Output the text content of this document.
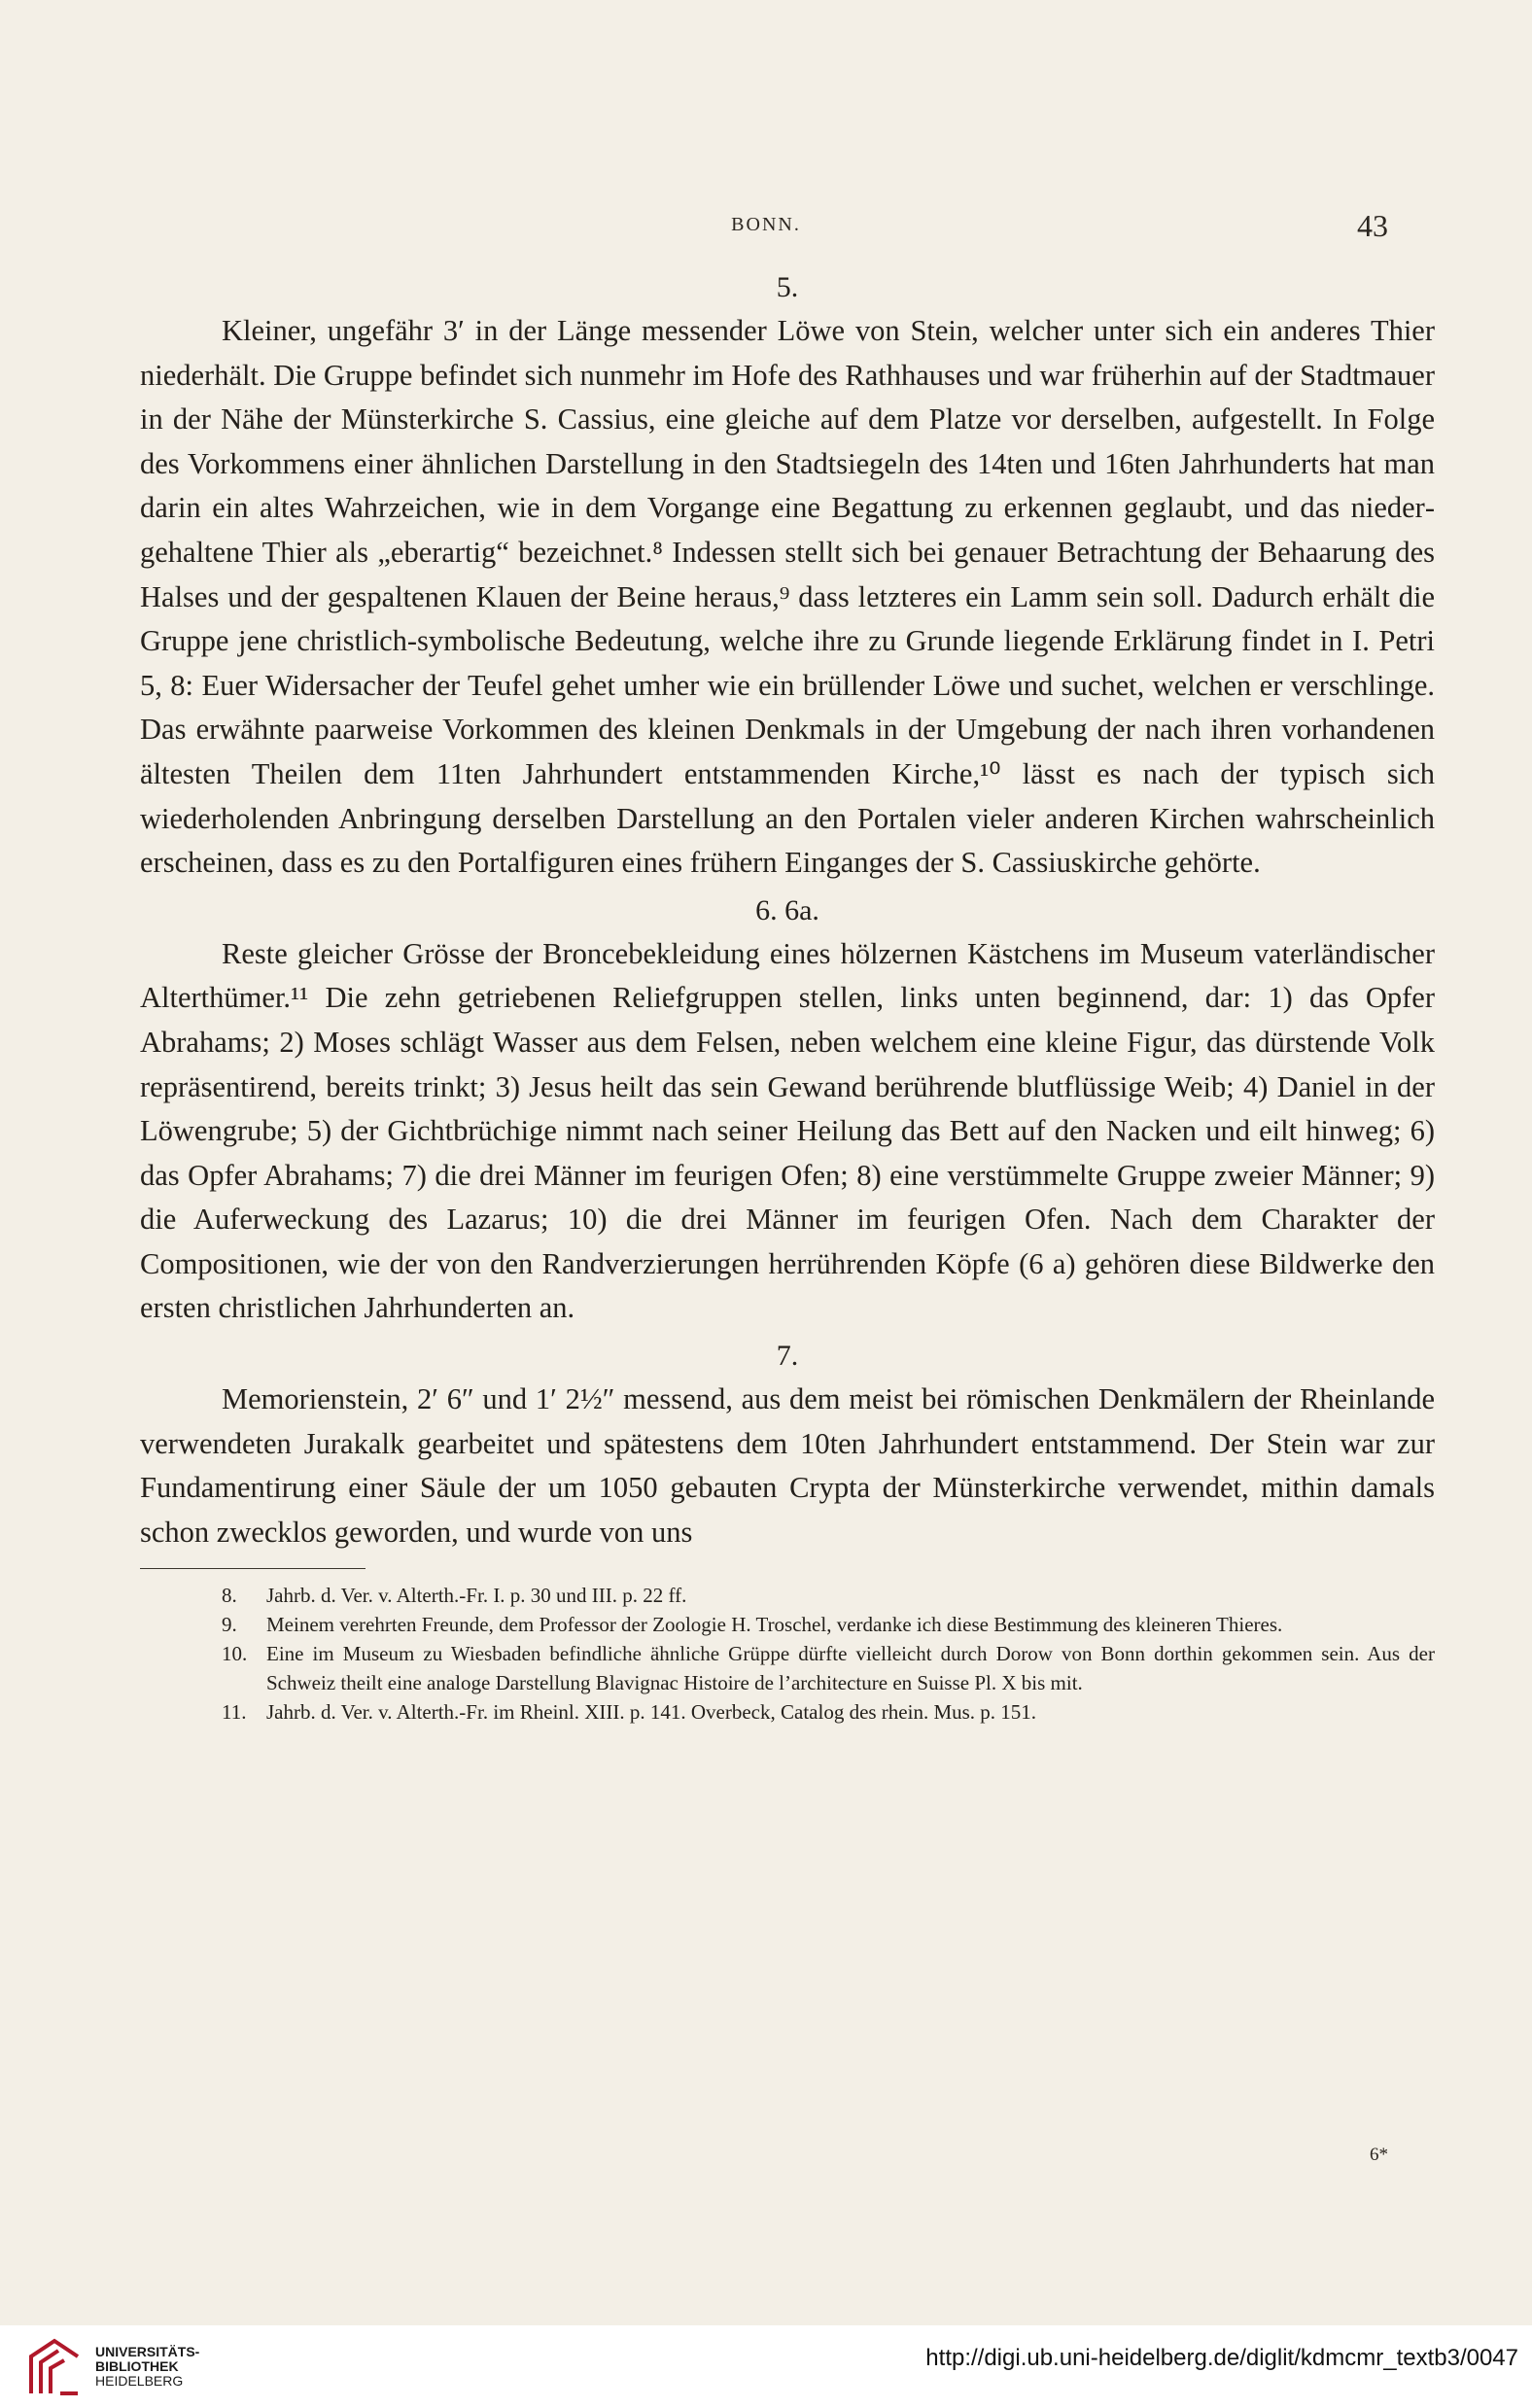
BONN.	43
5.

Kleiner, ungefähr 3′ in der Länge messender Löwe von Stein, welcher unter sich ein anderes Thier niederhält. Die Gruppe befindet sich nunmehr im Hofe des Rathhauses und war früherhin auf der Stadtmauer in der Nähe der Münsterkirche S. Cassius, eine gleiche auf dem Platze vor derselben, aufgestellt. In Folge des Vorkommens einer ähnlichen Darstellung in den Stadtsiegeln des 14ten und 16ten Jahrhunderts hat man darin ein altes Wahrzeichen, wie in dem Vorgange eine Begattung zu erkennen geglaubt, und das niedergehaltene Thier als „eberartig“ bezeichnet.⁸ Indessen stellt sich bei genauer Betrachtung der Behaarung des Halses und der gespaltenen Klauen der Beine heraus,⁹ dass letzteres ein Lamm sein soll. Dadurch erhält die Gruppe jene christlich-symbolische Bedeutung, welche ihre zu Grunde liegende Erklärung findet in I. Petri 5, 8: Euer Widersacher der Teufel gehet umher wie ein brüllender Löwe und suchet, welchen er verschlinge. Das erwähnte paarweise Vorkommen des kleinen Denkmals in der Umgebung der nach ihren vorhandenen ältesten Theilen dem 11ten Jahrhundert entstammenden Kirche,¹⁰ lässt es nach der typisch sich wiederholenden Anbringung derselben Darstellung an den Portalen vieler anderen Kirchen wahrscheinlich erscheinen, dass es zu den Portalfiguren eines frühern Einganges der S. Cassiuskirche gehörte.

6. 6a.

Reste gleicher Grösse der Broncebekleidung eines hölzernen Kästchens im Museum vaterländischer Alterthümer.¹¹ Die zehn getriebenen Reliefgruppen stellen, links unten beginnend, dar: 1) das Opfer Abrahams; 2) Moses schlägt Wasser aus dem Felsen, neben welchem eine kleine Figur, das dürstende Volk repräsentirend, bereits trinkt; 3) Jesus heilt das sein Gewand berührende blutflüssige Weib; 4) Daniel in der Löwengrube; 5) der Gichtbrüchige nimmt nach seiner Heilung das Bett auf den Nacken und eilt hinweg; 6) das Opfer Abrahams; 7) die drei Männer im feurigen Ofen; 8) eine verstümmelte Gruppe zweier Männer; 9) die Auferweckung des Lazarus; 10) die drei Männer im feurigen Ofen. Nach dem Charakter der Compositionen, wie der von den Randverzierungen herrührenden Köpfe (6 a) gehören diese Bildwerke den ersten christlichen Jahrhunderten an.

7.

Memorienstein, 2′ 6″ und 1′ 2½″ messend, aus dem meist bei römischen Denkmälern der Rheinlande verwendeten Jurakalk gearbeitet und spätestens dem 10ten Jahrhundert entstammend. Der Stein war zur Fundamentirung einer Säule der um 1050 gebauten Crypta der Münsterkirche verwendet, mithin damals schon zwecklos geworden, und wurde von uns

8. Jahrb. d. Ver. v. Alterth.-Fr. I. p. 30 und III. p. 22 ff.

9. Meinem verehrten Freunde, dem Professor der Zoologie H. Troschel, verdanke ich diese Bestimmung des kleineren Thieres.

10. Eine im Museum zu Wiesbaden befindliche ähnliche Grüppe dürfte vielleicht durch Dorow von Bonn dorthin gekommen sein. Aus der Schweiz theilt eine analoge Darstellung Blavignac Histoire de l’architecture en Suisse Pl. X bis mit.

11. Jahrb. d. Ver. v. Alterth.-Fr. im Rheinl. XIII. p. 141. Overbeck, Catalog des rhein. Mus. p. 151.

6*
UNIVERSITÄTS-
BIBLIOTHEK
HEIDELBERG
http://digi.ub.uni-heidelberg.de/diglit/kdmcmr_textb3/0047
